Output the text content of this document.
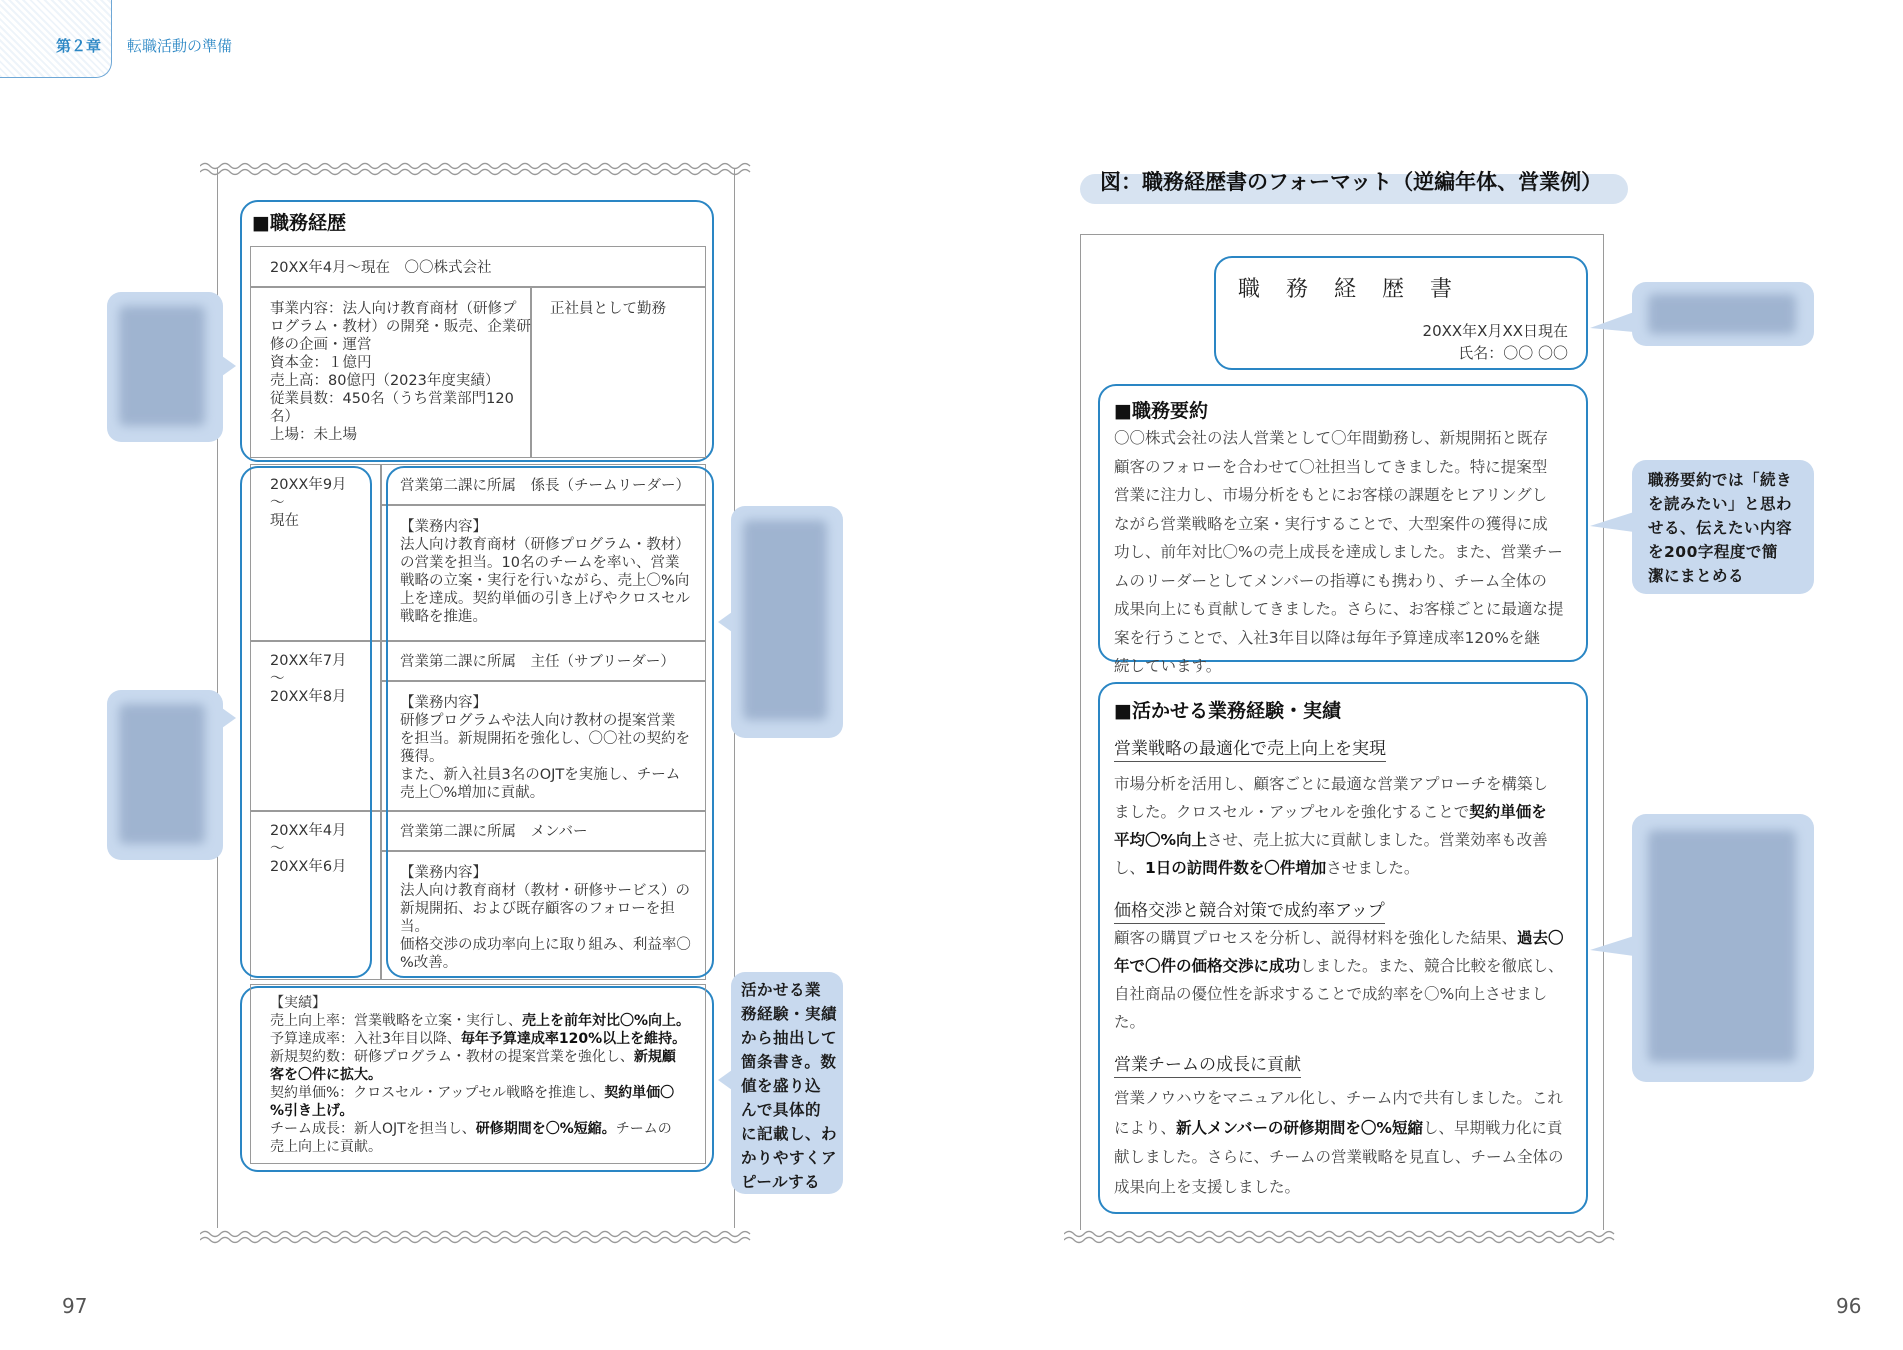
第２章 転職活動の準備
■職務経歴
20XX年4月～現在　〇〇株式会社
事業内容：法人向け教育商材（研修プ
ログラム・教材）の開発・販売、企業研
修の企画・運営
資本金：１億円
売上高：80億円（2023年度実績）
従業員数：450名（うち営業部門120
名）
上場：未上場
正社員として勤務
20XX年9月
～
現在
営業第二課に所属　係長（チームリーダー）
【業務内容】
法人向け教育商材（研修プログラム・教材）
の営業を担当。10名のチームを率い、営業
戦略の立案・実行を行いながら、売上〇%向
上を達成。契約単価の引き上げやクロスセル
戦略を推進。
20XX年7月
～
20XX年8月
営業第二課に所属　主任（サブリーダー）
【業務内容】
研修プログラムや法人向け教材の提案営業
を担当。新規開拓を強化し、〇〇社の契約を
獲得。
また、新入社員3名のOJTを実施し、チーム
売上〇%増加に貢献。
20XX年4月
～
20XX年6月
営業第二課に所属　メンバー
【業務内容】
法人向け教育商材（教材・研修サービス）の
新規開拓、および既存顧客のフォローを担
当。
価格交渉の成功率向上に取り組み、利益率〇
%改善。
【実績】
売上向上率：営業戦略を立案・実行し、売上を前年対比〇%向上。
予算達成率：入社3年目以降、毎年予算達成率120%以上を維持。
新規契約数：研修プログラム・教材の提案営業を強化し、新規顧
客を〇件に拡大。
契約単価%：クロスセル・アップセル戦略を推進し、契約単価〇
%引き上げ。
チーム成長：新人OJTを担当し、研修期間を〇%短縮。チームの
売上向上に貢献。
活かせる業
務経験・実績
から抽出して
箇条書き。数
値を盛り込
んで具体的
に記載し、わ
かりやすくア
ピールする
97
図：職務経歴書のフォーマット（逆編年体、営業例）
職　務　経　歴　書
20XX年X月XX日現在
氏名：〇〇 〇〇
■職務要約
〇〇株式会社の法人営業として〇年間勤務し、新規開拓と既存
顧客のフォローを合わせて〇社担当してきました。特に提案型
営業に注力し、市場分析をもとにお客様の課題をヒアリングし
ながら営業戦略を立案・実行することで、大型案件の獲得に成
功し、前年対比〇%の売上成長を達成しました。また、営業チー
ムのリーダーとしてメンバーの指導にも携わり、チーム全体の
成果向上にも貢献してきました。さらに、お客様ごとに最適な提
案を行うことで、入社3年目以降は毎年予算達成率120%を継
続しています。
■活かせる業務経験・実績
営業戦略の最適化で売上向上を実現
市場分析を活用し、顧客ごとに最適な営業アプローチを構築し
ました。クロスセル・アップセルを強化することで契約単価を
平均〇%向上させ、売上拡大に貢献しました。営業効率も改善
し、1日の訪問件数を〇件増加させました。
価格交渉と競合対策で成約率アップ
顧客の購買プロセスを分析し、説得材料を強化した結果、過去〇
年で〇件の価格交渉に成功しました。また、競合比較を徹底し、
自社商品の優位性を訴求することで成約率を〇%向上させまし
た。
営業チームの成長に貢献
営業ノウハウをマニュアル化し、チーム内で共有しました。これ
により、新人メンバーの研修期間を〇%短縮し、早期戦力化に貢
献しました。さらに、チームの営業戦略を見直し、チーム全体の
成果向上を支援しました。
職務要約では「続き
を読みたい」と思わ
せる、伝えたい内容
を200字程度で簡
潔にまとめる
96
